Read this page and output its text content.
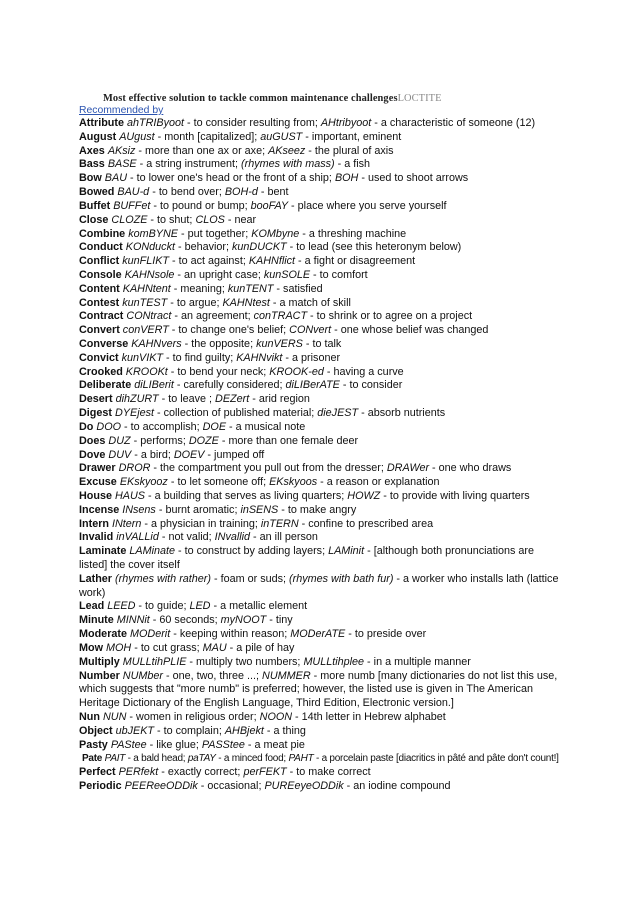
Most effective solution to tackle common maintenance challengesLOCTITE
Recommended by

Attribute ahTRIByoot - to consider resulting from; AHtribyoot - a characteristic of someone (12)

August AUgust - month [capitalized]; auGUST - important, eminent

Axes AKsiz - more than one ax or axe; AKseez - the plural of axis

Bass BASE - a string instrument; (rhymes with mass) - a fish

Bow BAU - to lower one's head or the front of a ship; BOH - used to shoot arrows

Bowed BAU-d - to bend over; BOH-d - bent

Buffet BUFFet - to pound or bump; booFAY - place where you serve yourself

Close CLOZE - to shut; CLOS - near

Combine komBYNE - put together; KOMbyne - a threshing machine

Conduct KONduckt - behavior; kunDUCKT - to lead (see this heteronym below)

Conflict kunFLIKT - to act against; KAHNflict - a fight or disagreement

Console KAHNsole - an upright case; kunSOLE - to comfort

Content KAHNtent - meaning; kunTENT - satisfied

Contest kunTEST - to argue; KAHNtest - a match of skill

Contract CONtract - an agreement; conTRACT - to shrink or to agree on a project

Convert conVERT - to change one's belief; CONvert - one whose belief was changed

Converse KAHNvers - the opposite; kunVERS - to talk

Convict kunVIKT - to find guilty; KAHNvikt - a prisoner

Crooked KROOKt - to bend your neck; KROOK-ed - having a curve

Deliberate diLIBerit - carefully considered; diLIBerATE - to consider

Desert dihZURT - to leave ; DEZert - arid region

Digest DYEjest - collection of published material; dieJEST - absorb nutrients

Do DOO - to accomplish; DOE - a musical note

Does DUZ - performs; DOZE - more than one female deer

Dove DUV - a bird; DOEV - jumped off

Drawer DROR - the compartment you pull out from the dresser; DRAWer - one who draws

Excuse EKskyooz - to let someone off; EKskyoos - a reason or explanation

House HAUS - a building that serves as living quarters; HOWZ - to provide with living quarters

Incense INsens - burnt aromatic; inSENS - to make angry

Intern INtern - a physician in training; inTERN - confine to prescribed area

Invalid inVALLid - not valid; INvallid - an ill person

Laminate LAMinate - to construct by adding layers; LAMinit - [although both pronunciations are listed] the cover itself

Lather (rhymes with rather) - foam or suds; (rhymes with bath fur) - a worker who installs lath (lattice work)

Lead LEED - to guide; LED - a metallic element

Minute MINNit - 60 seconds; myNOOT - tiny

Moderate MODerit - keeping within reason; MODerATE - to preside over

Mow MOH - to cut grass; MAU - a pile of hay

Multiply MULLtihPLIE - multiply two numbers; MULLtihplee - in a multiple manner

Number NUMber - one, two, three ...; NUMMER - more numb [many dictionaries do not list this use, which suggests that "more numb" is preferred; however, the listed use is given in The American Heritage Dictionary of the English Language, Third Edition, Electronic version.]

Nun NUN - women in religious order; NOON - 14th letter in Hebrew alphabet

Object ubJEKT - to complain; AHBjekt - a thing

Pasty PAStee - like glue; PASStee - a meat pie

Pate PAIT - a bald head; paTAY - a minced food; PAHT - a porcelain paste [diacritics in pâté and pâte don't count!]

Perfect PERfekt - exactly correct; perFEKT - to make correct

Periodic PEEReeODDik - occasional; PUREeyeODDik - an iodine compound
